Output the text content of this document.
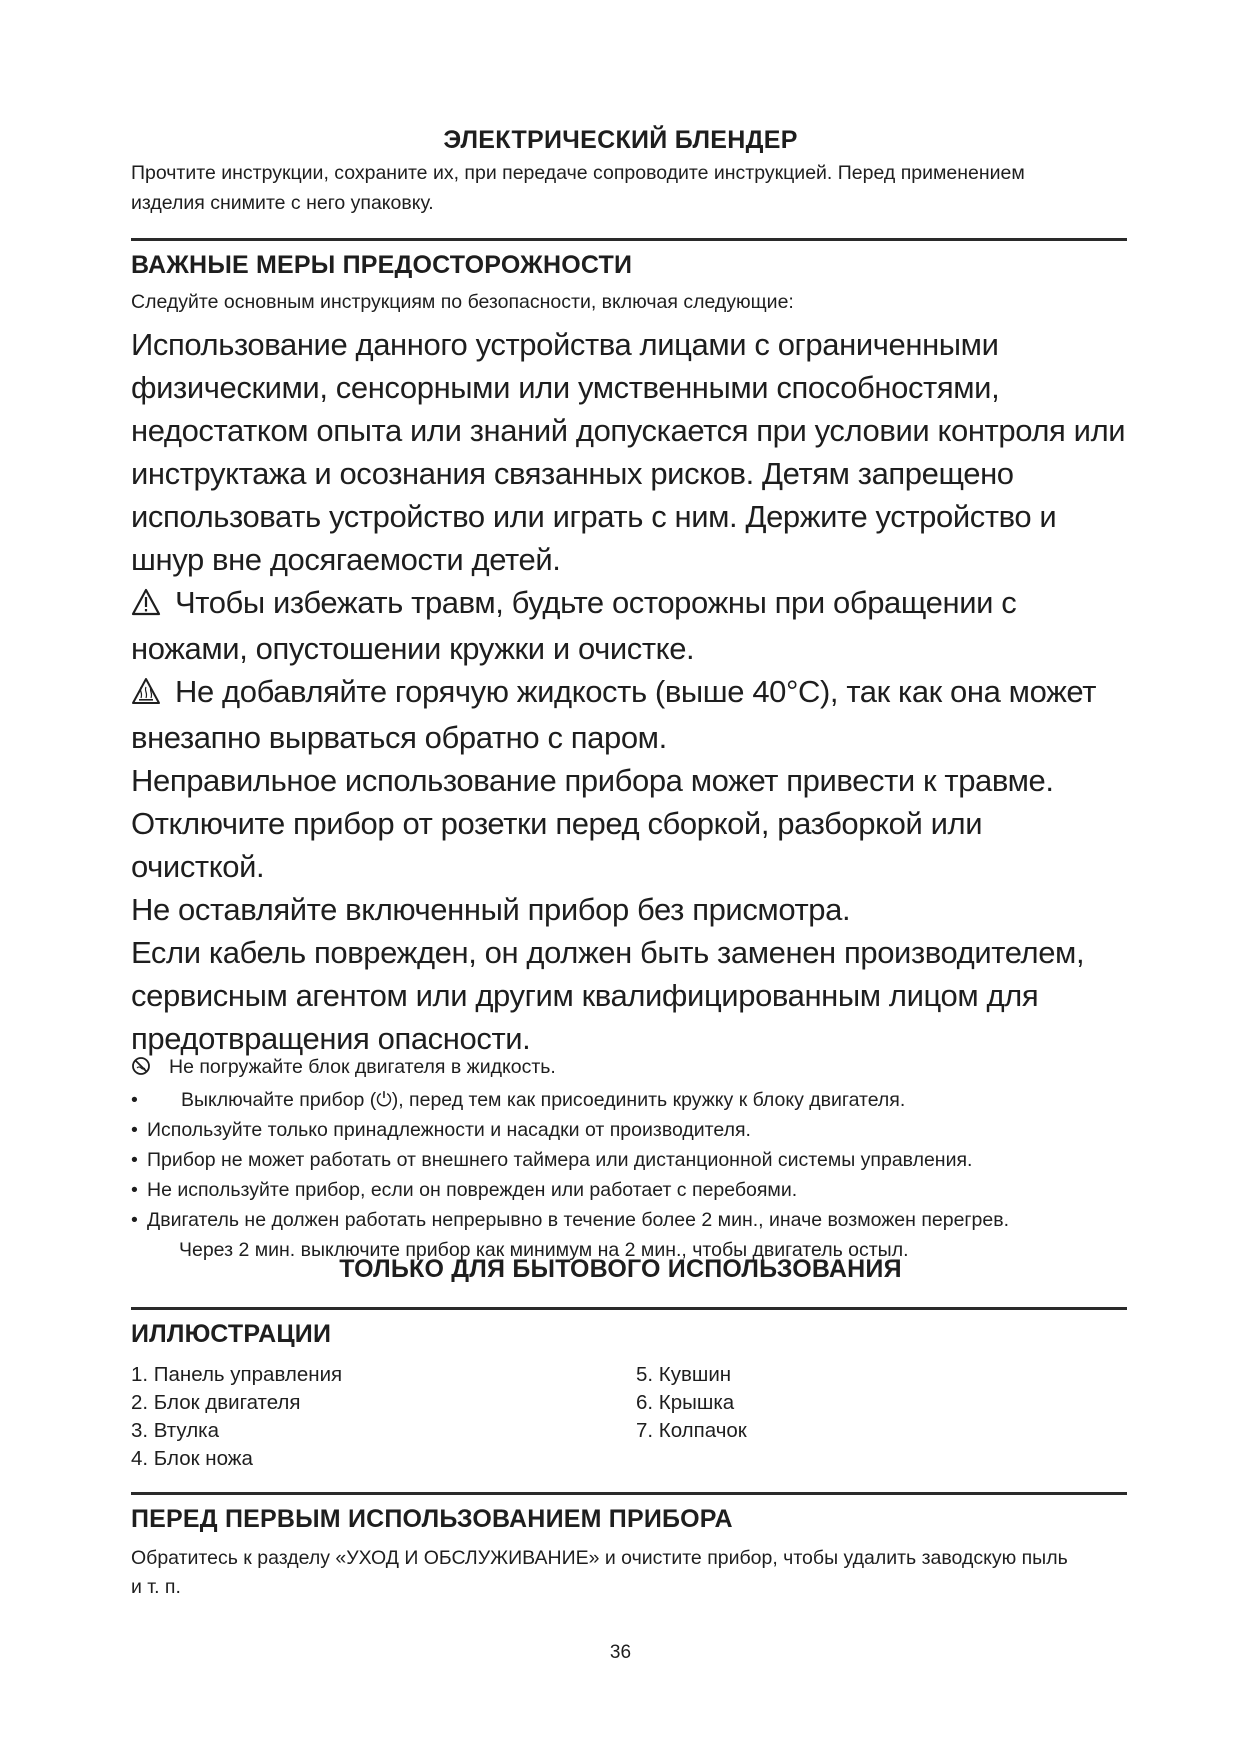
ЭЛЕКТРИЧЕСКИЙ БЛЕНДЕР
Прочтите инструкции, сохраните их, при передаче сопроводите инструкцией. Перед применением
изделия снимите с него упаковку.
ВАЖНЫЕ МЕРЫ ПРЕДОСТОРОЖНОСТИ
Следуйте основным инструкциям по безопасности, включая следующие:
Использование данного устройства лицами с ограниченными
физическими, сенсорными или умственными способностями,
недостатком опыта или знаний допускается при условии контроля или
инструктажа и осознания связанных рисков. Детям запрещено
использовать устройство или играть с ним. Держите устройство и
шнур вне досягаемости детей.
Чтобы избежать травм, будьте осторожны при обращении с
ножами, опустошении кружки и очистке.
Не добавляйте горячую жидкость (выше 40°C), так как она может
внезапно вырваться обратно с паром.
Неправильное использование прибора может привести к травме.
Отключите прибор от розетки перед сборкой, разборкой или
очисткой.
Не оставляйте включенный прибор без присмотра.
Если кабель поврежден, он должен быть заменен производителем,
сервисным агентом или другим квалифицированным лицом для
предотвращения опасности.
Не погружайте блок двигателя в жидкость.
• Выключайте прибор (⏻), перед тем как присоединить кружку к блоку двигателя.
• Используйте только принадлежности и насадки от производителя.
• Прибор не может работать от внешнего таймера или дистанционной системы управления.
• Не используйте прибор, если он поврежден или работает с перебоями.
• Двигатель не должен работать непрерывно в течение более 2 мин., иначе возможен перегрев.
Через 2 мин. выключите прибор как минимум на 2 мин., чтобы двигатель остыл.
ТОЛЬКО ДЛЯ БЫТОВОГО ИСПОЛЬЗОВАНИЯ
ИЛЛЮСТРАЦИИ
1. Панель управления
2. Блок двигателя
3. Втулка
4. Блок ножа
5. Кувшин
6. Крышка
7. Колпачок
ПЕРЕД ПЕРВЫМ ИСПОЛЬЗОВАНИЕМ ПРИБОРА
Обратитесь к разделу «УХОД И ОБСЛУЖИВАНИЕ» и очистите прибор, чтобы удалить заводскую пыль
и т. п.
36
